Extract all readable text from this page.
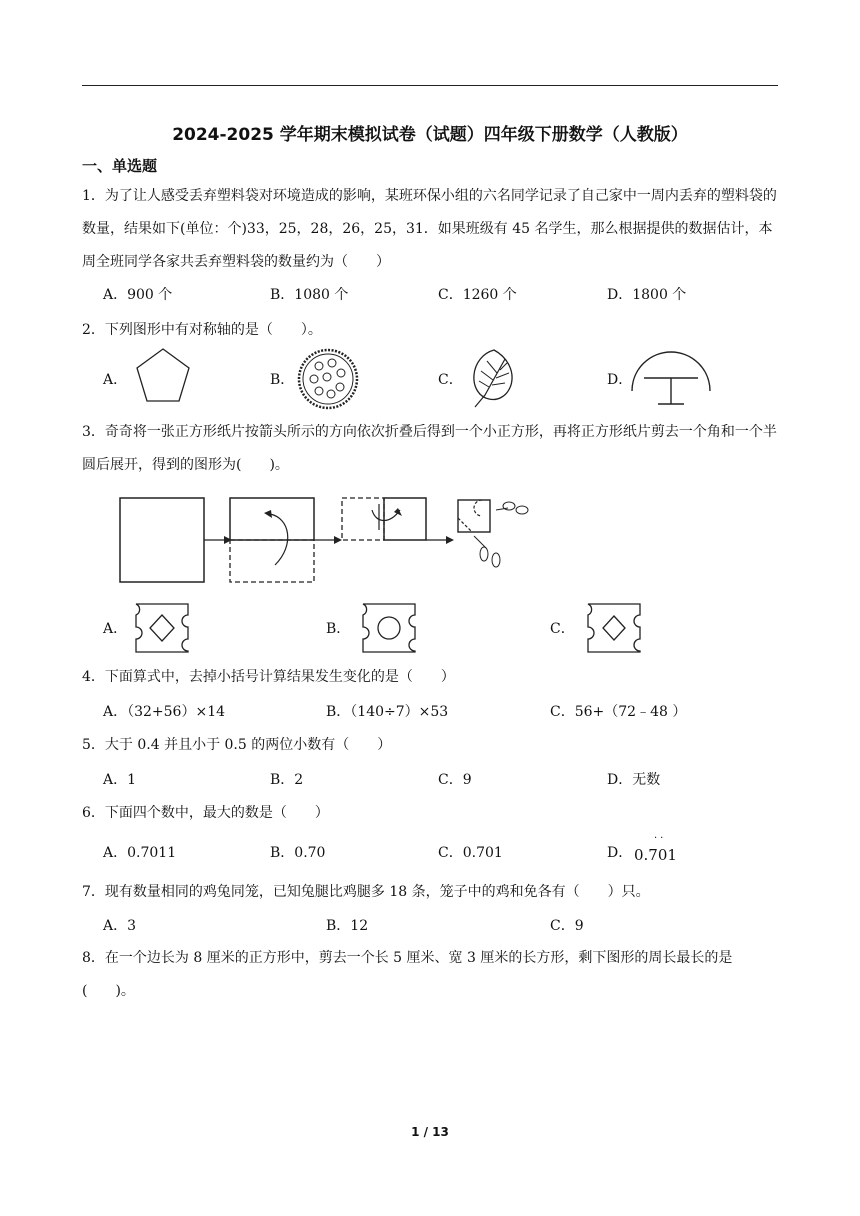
2024-2025 学年期末模拟试卷（试题）四年级下册数学（人教版）
一、单选题
1．为了让人感受丢弃塑料袋对环境造成的影响，某班环保小组的六名同学记录了自己家中一周内丢弃的塑料袋的数量，结果如下(单位：个)33，25，28，26，25，31．如果班级有 45 名学生，那么根据提供的数据估计，本周全班同学各家共丢弃塑料袋的数量约为（　　）
A．900 个	B．1080 个	C．1260 个	D．1800 个
2．下列图形中有对称轴的是（　　）。
A．	B．	C．	D．
3．奇奇将一张正方形纸片按箭头所示的方向依次折叠后得到一个小正方形，再将正方形纸片剪去一个角和一个半圆后展开，得到的图形为(　　)。
A．	B．	C．
4．下面算式中，去掉小括号计算结果发生变化的是（　　）
A．（32+56）×14	B．（140÷7）×53	C．56+（72﹣48 ）
5．大于 0.4 并且小于 0.5 的两位小数有（　　）
A．1	B．2	C．9	D．无数
6．下面四个数中，最大的数是（　　）
A．0.7011	B．0.70	C．0.701	D．
··
0.701
7．现有数量相同的鸡兔同笼，已知兔腿比鸡腿多 18 条，笼子中的鸡和免各有（　　）只。
A．3	B．12	C．9
8．在一个边长为 8 厘米的正方形中，剪去一个长 5 厘米、宽 3 厘米的长方形，剩下图形的周长最长的是(　　)。
1 / 13
